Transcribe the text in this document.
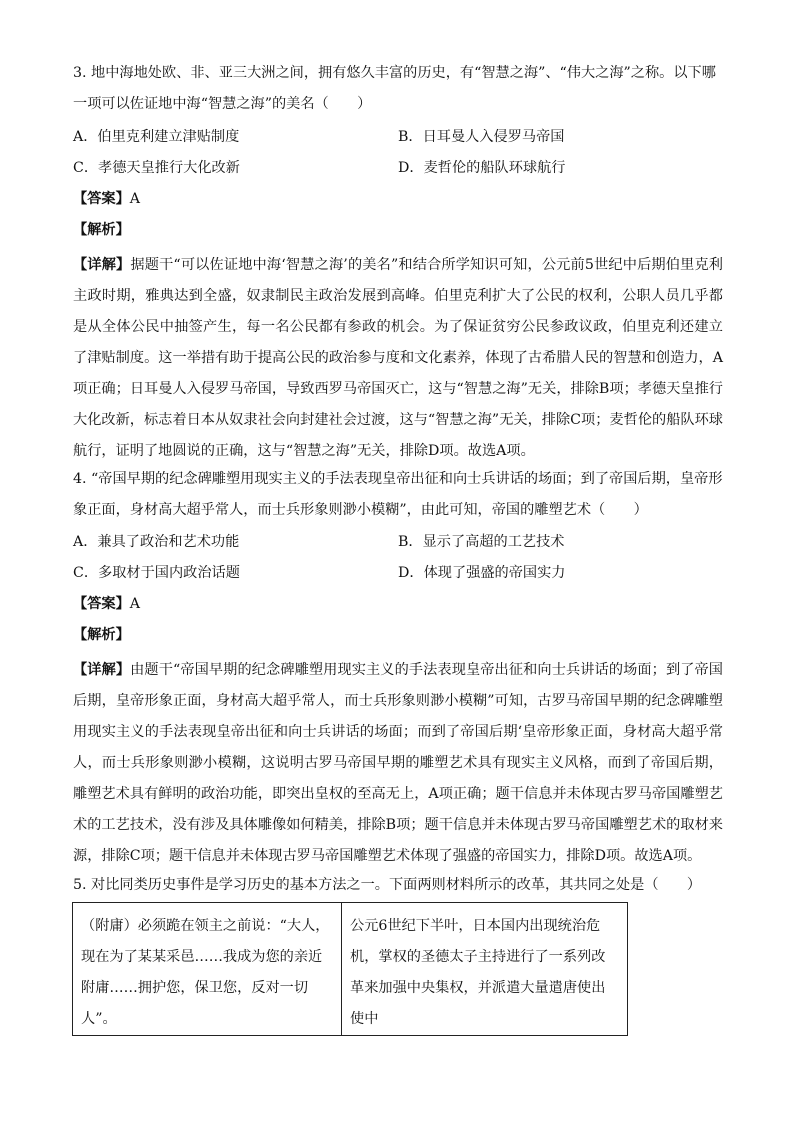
3. 地中海地处欧、非、亚三大洲之间，拥有悠久丰富的历史，有“智慧之海”、“伟大之海”之称。以下哪
一项可以佐证地中海“智慧之海”的美名（　　）
A．伯里克利建立津贴制度	B．日耳曼人入侵罗马帝国
C．孝德天皇推行大化改新	D．麦哲伦的船队环球航行
【答案】A
【解析】
【详解】据题干“可以佐证地中海‘智慧之海’的美名”和结合所学知识可知，公元前5世纪中后期伯里克利主政时期，雅典达到全盛，奴隶制民主政治发展到高峰。伯里克利扩大了公民的权利，公职人员几乎都是从全体公民中抽签产生，每一名公民都有参政的机会。为了保证贫穷公民参政议政，伯里克利还建立了津贴制度。这一举措有助于提高公民的政治参与度和文化素养，体现了古希腊人民的智慧和创造力，A项正确；日耳曼人入侵罗马帝国，导致西罗马帝国灭亡，这与“智慧之海”无关，排除B项；孝德天皇推行大化改新，标志着日本从奴隶社会向封建社会过渡，这与“智慧之海”无关，排除C项；麦哲伦的船队环球航行，证明了地圆说的正确，这与“智慧之海”无关，排除D项。故选A项。
4. “帝国早期的纪念碑雕塑用现实主义的手法表现皇帝出征和向士兵讲话的场面；到了帝国后期，皇帝形
象正面，身材高大超乎常人，而士兵形象则渺小模糊”，由此可知，帝国的雕塑艺术（　　）
A．兼具了政治和艺术功能	B．显示了高超的工艺技术
C．多取材于国内政治话题	D．体现了强盛的帝国实力
【答案】A
【解析】
【详解】由题干“帝国早期的纪念碑雕塑用现实主义的手法表现皇帝出征和向士兵讲话的场面；到了帝国后期，皇帝形象正面，身材高大超乎常人，而士兵形象则渺小模糊”可知，古罗马帝国早期的纪念碑雕塑用现实主义的手法表现皇帝出征和向士兵讲话的场面；而到了帝国后期‘皇帝形象正面，身材高大超乎常人，而士兵形象则渺小模糊，这说明古罗马帝国早期的雕塑艺术具有现实主义风格，而到了帝国后期，雕塑艺术具有鲜明的政治功能，即突出皇权的至高无上，A项正确；题干信息并未体现古罗马帝国雕塑艺术的工艺技术，没有涉及具体雕像如何精美，排除B项；题干信息并未体现古罗马帝国雕塑艺术的取材来源，排除C项；题干信息并未体现古罗马帝国雕塑艺术体现了强盛的帝国实力，排除D项。故选A项。
5. 对比同类历史事件是学习历史的基本方法之一。下面两则材料所示的改革，其共同之处是（　　）
（附庸）必须跪在领主之前说：“大人，现在为了某某采邑……我成为您的亲近附庸……拥护您，保卫您，反对一切人”。	公元6世纪下半叶，日本国内出现统治危机，掌权的圣德太子主持进行了一系列改革来加强中央集权，并派遣大量遣唐使出使中
